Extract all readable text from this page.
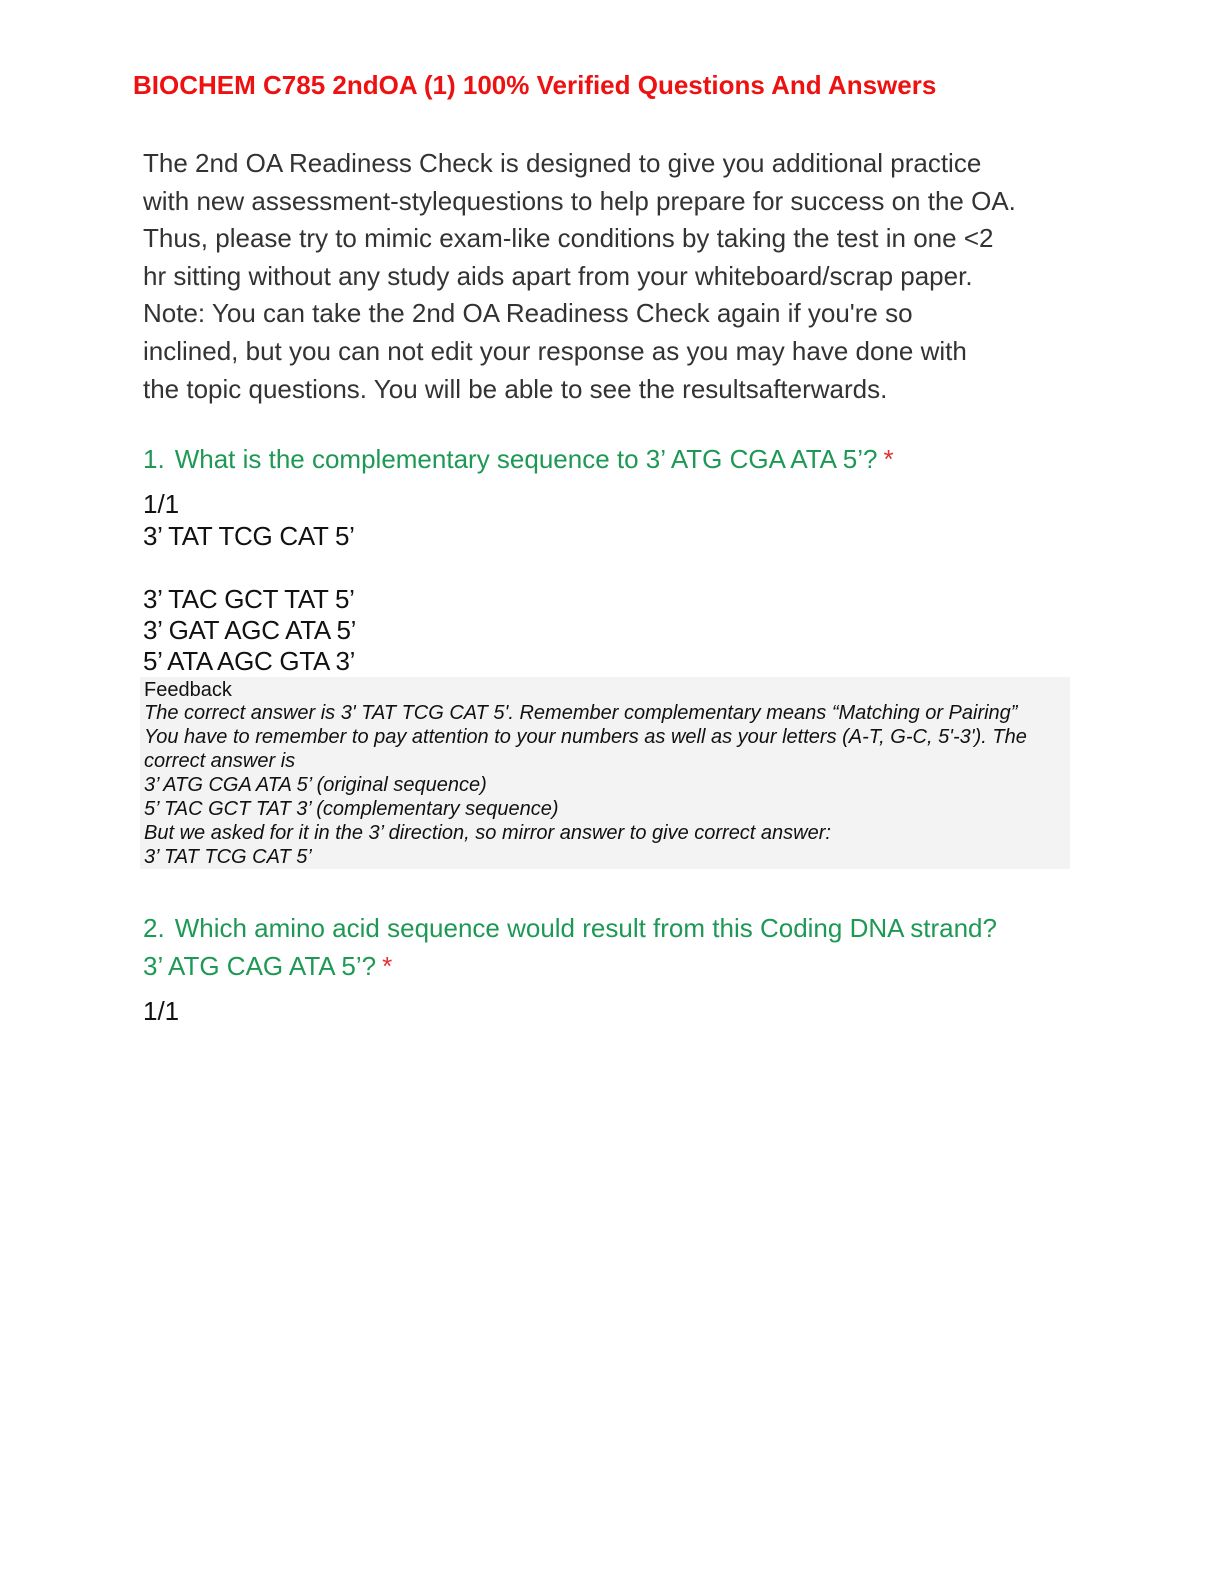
BIOCHEM C785 2ndOA (1) 100% Verified Questions And Answers
The 2nd OA Readiness Check is designed to give you additional practice
with new assessment-stylequestions to help prepare for success on the OA.
Thus, please try to mimic exam-like conditions by taking the test in one <2
hr sitting without any study aids apart from your whiteboard/scrap paper.
Note: You can take the 2nd OA Readiness Check again if you're so
inclined, but you can not edit your response as you may have done with
the topic questions. You will be able to see the resultsafterwards.
1. What is the complementary sequence to 3’ ATG CGA ATA 5’? *
1/1
3’ TAT TCG CAT 5’
3’ TAC GCT TAT 5’
3’ GAT AGC ATA 5’
5’ ATA AGC GTA 3’
Feedback
The correct answer is 3' TAT TCG CAT 5'. Remember complementary means “Matching or Pairing”
You have to remember to pay attention to your numbers as well as your letters (A-T, G-C, 5'-3'). The
correct answer is
3’ ATG CGA ATA 5’ (original sequence)
5’ TAC GCT TAT 3’ (complementary sequence)
But we asked for it in the 3’ direction, so mirror answer to give correct answer:
3’ TAT TCG CAT 5’
2. Which amino acid sequence would result from this Coding DNA strand? 3’ ATG CAG ATA 5’? *
1/1
